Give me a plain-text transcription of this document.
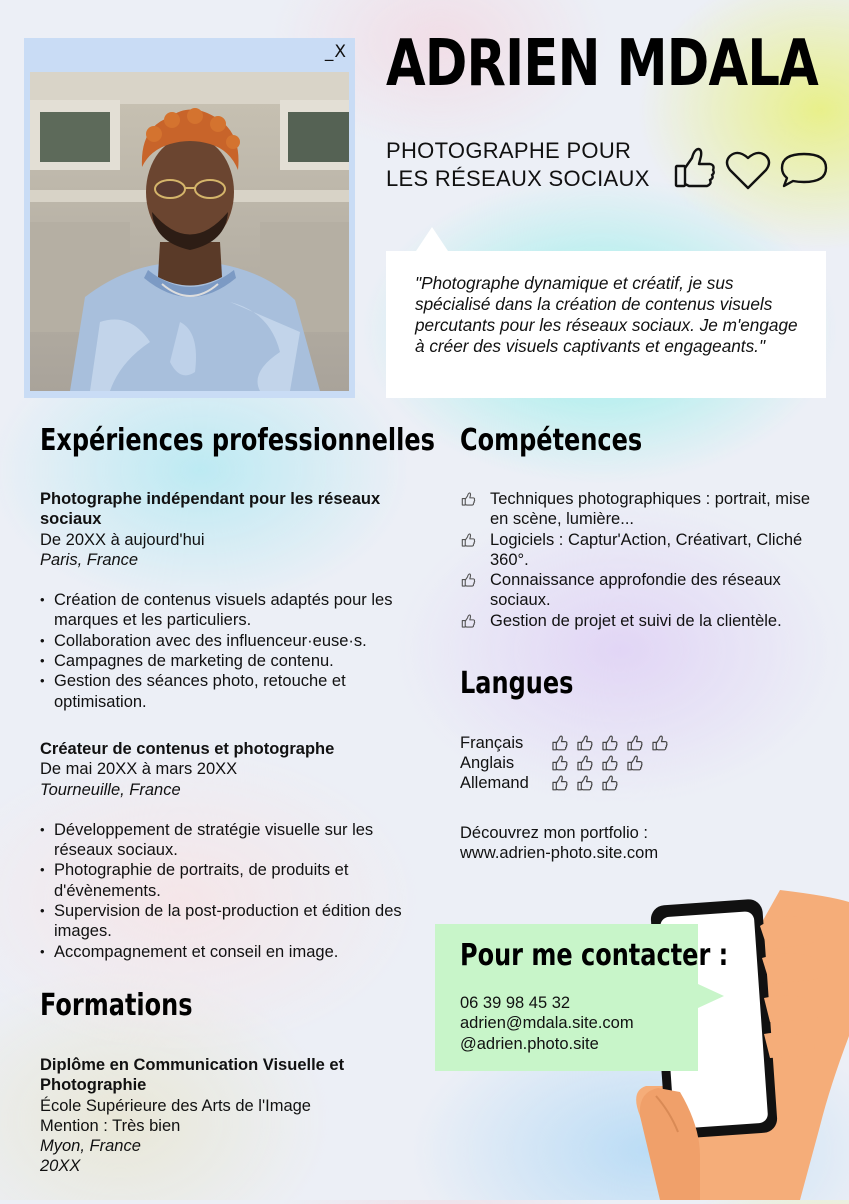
_X ADRIEN MDALA
PHOTOGRAPHE POUR
LES RÉSEAUX SOCIAUX
"Photographe dynamique et créatif, je sus spécialisé dans la création de contenus visuels percutants pour les réseaux sociaux. Je m'engage à créer des visuels captivants et engageants."
Expériences professionnelles
Photographe indépendant pour les réseaux sociaux
De 20XX à aujourd'hui
Paris, France
• Création de contenus visuels adaptés pour les marques et les particuliers.
• Collaboration avec des influenceur·euse·s.
• Campagnes de marketing de contenu.
• Gestion des séances photo, retouche et optimisation.
Créateur de contenus et photographe
De mai 20XX à mars 20XX
Tourneuille, France
• Développement de stratégie visuelle sur les réseaux sociaux.
• Photographie de portraits, de produits et d'évènements.
• Supervision de la post-production et édition des images.
• Accompagnement et conseil en image.
Formations
Diplôme en Communication Visuelle et Photographie
École Supérieure des Arts de l'Image
Mention : Très bien
Myon, France
20XX
Compétences
Techniques photographiques : portrait, mise en scène, lumière...
Logiciels : Captur'Action, Créativart, Cliché 360°.
Connaissance approfondie des réseaux sociaux.
Gestion de projet et suivi de la clientèle.
Langues
Français
Anglais
Allemand
Découvrez mon portfolio :
www.adrien-photo.site.com
Pour me contacter :
06 39 98 45 32
adrien@mdala.site.com
@adrien.photo.site
